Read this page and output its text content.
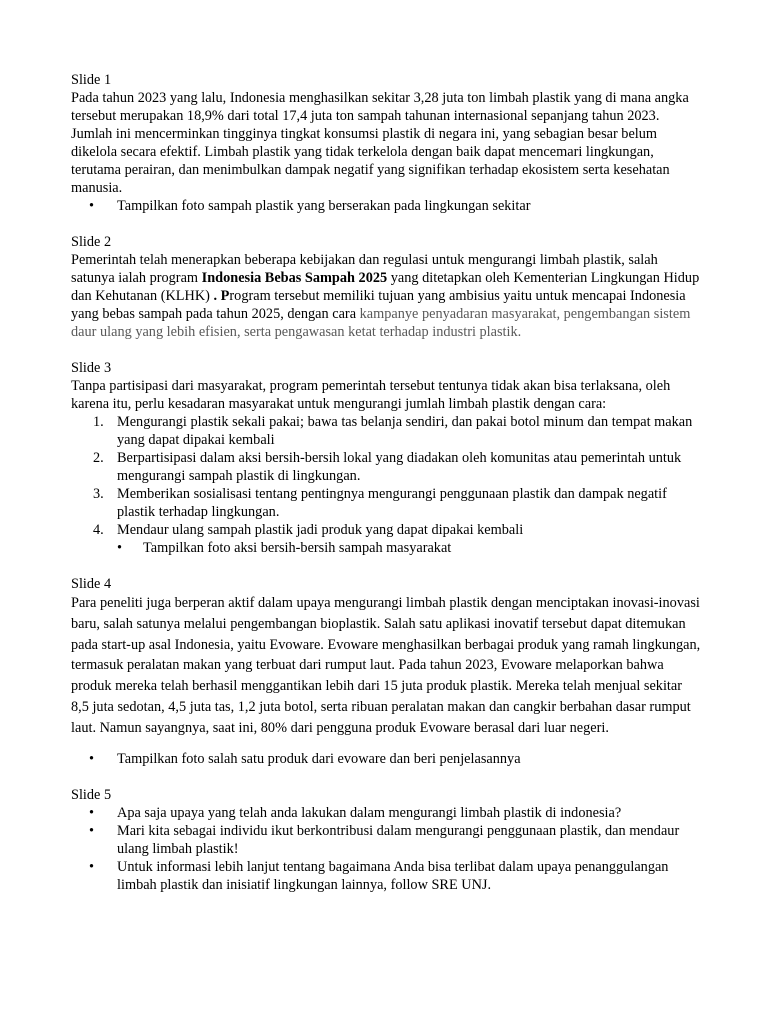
Slide 1

Pada tahun 2023 yang lalu, Indonesia menghasilkan sekitar 3,28 juta ton limbah plastik yang di mana angka tersebut merupakan 18,9% dari total 17,4 juta ton sampah tahunan internasional sepanjang tahun 2023. Jumlah ini mencerminkan tingginya tingkat konsumsi plastik di negara ini, yang sebagian besar belum dikelola secara efektif. Limbah plastik yang tidak terkelola dengan baik dapat mencemari lingkungan, terutama perairan, dan menimbulkan dampak negatif yang signifikan terhadap ekosistem serta kesehatan manusia.

• Tampilkan foto sampah plastik yang berserakan pada lingkungan sekitar

Slide 2

Pemerintah telah menerapkan beberapa kebijakan dan regulasi untuk mengurangi limbah plastik, salah satunya ialah program Indonesia Bebas Sampah 2025 yang ditetapkan oleh Kementerian Lingkungan Hidup dan Kehutanan (KLHK) . Program tersebut memiliki tujuan yang ambisius yaitu untuk mencapai Indonesia yang bebas sampah pada tahun 2025, dengan cara kampanye penyadaran masyarakat, pengembangan sistem daur ulang yang lebih efisien, serta pengawasan ketat terhadap industri plastik.

Slide 3

Tanpa partisipasi dari masyarakat, program pemerintah tersebut tentunya tidak akan bisa terlaksana, oleh karena itu, perlu kesadaran masyarakat untuk mengurangi jumlah limbah plastik dengan cara:

1. Mengurangi plastik sekali pakai; bawa tas belanja sendiri, dan pakai botol minum dan tempat makan yang dapat dipakai kembali
2. Berpartisipasi dalam aksi bersih-bersih lokal yang diadakan oleh komunitas atau pemerintah untuk mengurangi sampah plastik di lingkungan.
3. Memberikan sosialisasi tentang pentingnya mengurangi penggunaan plastik dan dampak negatif plastik terhadap lingkungan.
4. Mendaur ulang sampah plastik jadi produk yang dapat dipakai kembali
• Tampilkan foto aksi bersih-bersih sampah masyarakat

Slide 4

Para peneliti juga berperan aktif dalam upaya mengurangi limbah plastik dengan menciptakan inovasi-inovasi baru, salah satunya melalui pengembangan bioplastik. Salah satu aplikasi inovatif tersebut dapat ditemukan pada start-up asal Indonesia, yaitu Evoware. Evoware menghasilkan berbagai produk yang ramah lingkungan, termasuk peralatan makan yang terbuat dari rumput laut. Pada tahun 2023, Evoware melaporkan bahwa produk mereka telah berhasil menggantikan lebih dari 15 juta produk plastik. Mereka telah menjual sekitar 8,5 juta sedotan, 4,5 juta tas, 1,2 juta botol, serta ribuan peralatan makan dan cangkir berbahan dasar rumput laut. Namun sayangnya, saat ini, 80% dari pengguna produk Evoware berasal dari luar negeri.

• Tampilkan foto salah satu produk dari evoware dan beri penjelasannya

Slide 5

• Apa saja upaya yang telah anda lakukan dalam mengurangi limbah plastik di indonesia?
• Mari kita sebagai individu ikut berkontribusi dalam mengurangi penggunaan plastik, dan mendaur ulang limbah plastik!
• Untuk informasi lebih lanjut tentang bagaimana Anda bisa terlibat dalam upaya penanggulangan limbah plastik dan inisiatif lingkungan lainnya, follow SRE UNJ.
